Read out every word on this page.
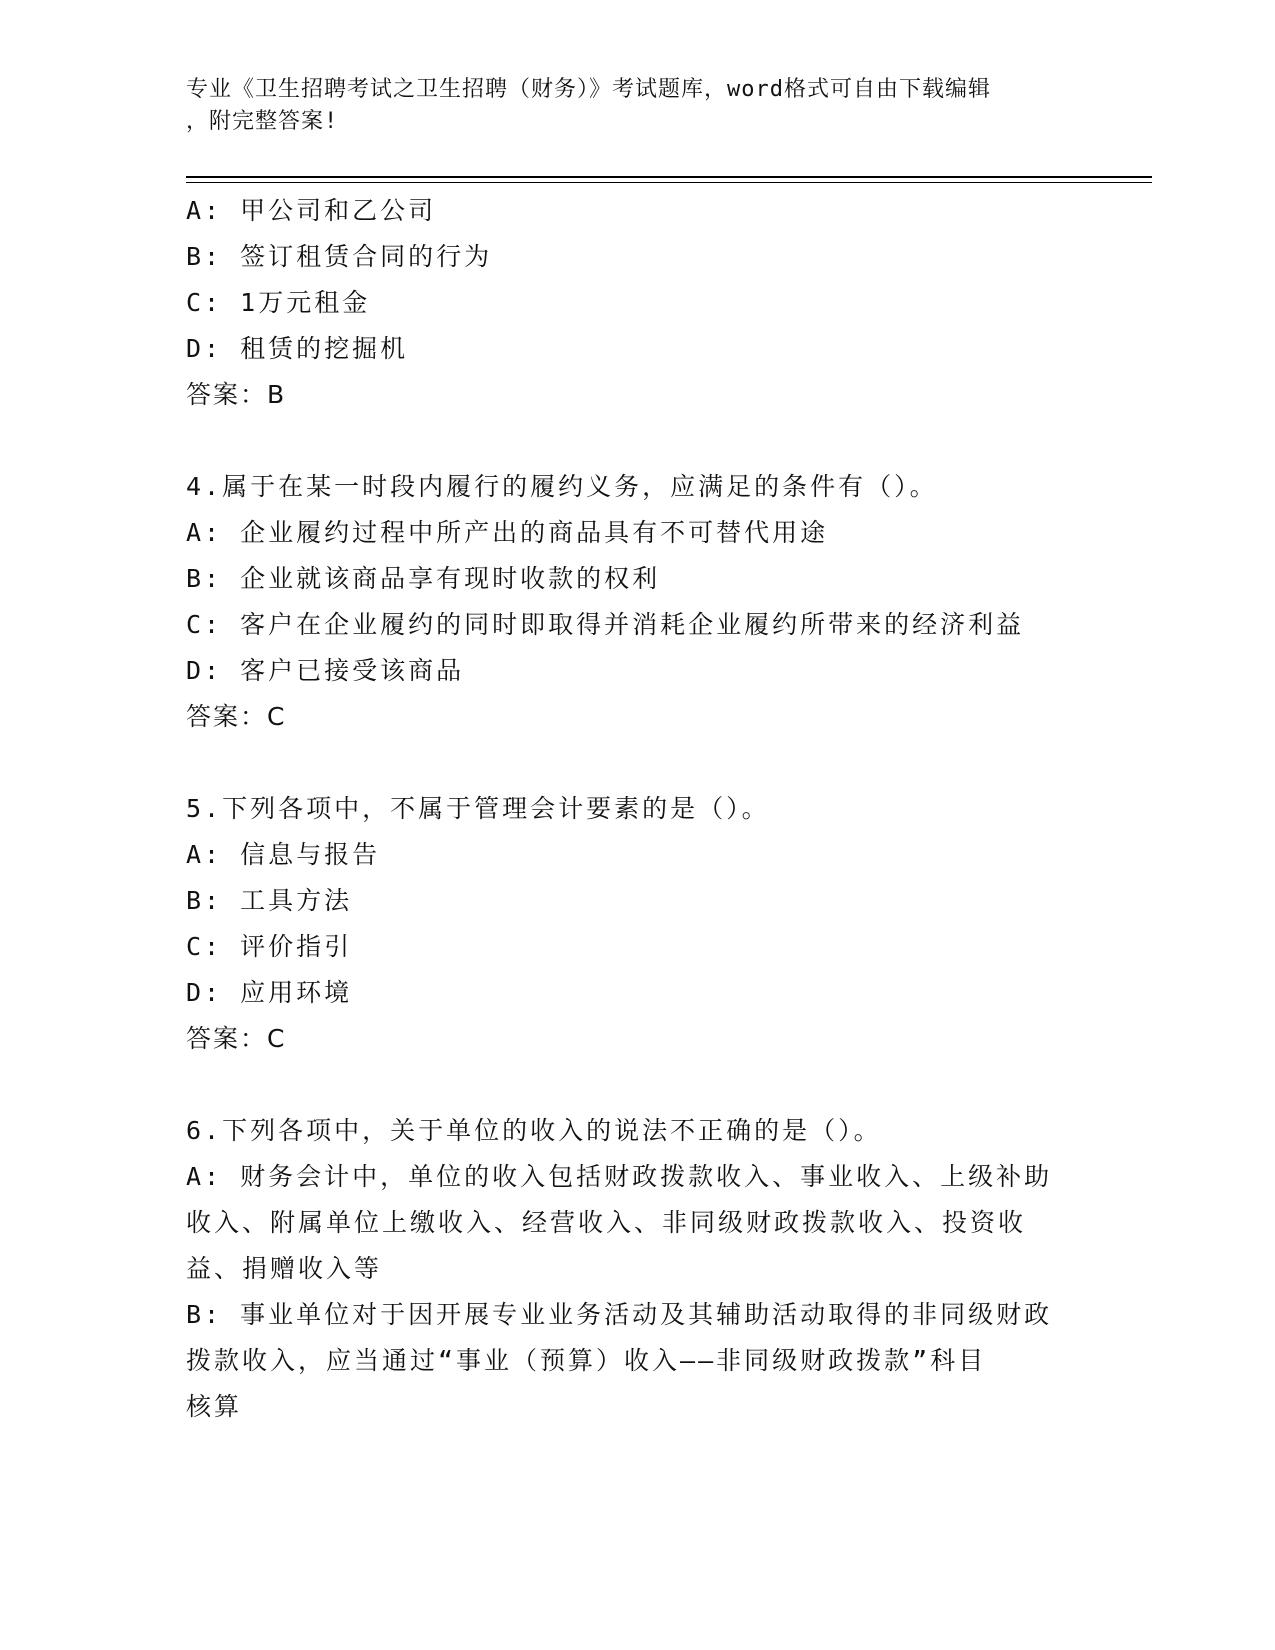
专业《卫生招聘考试之卫生招聘（财务）》考试题库，word格式可自由下载编辑
，附完整答案!
A: 甲公司和乙公司
B: 签订租赁合同的行为
C: 1万元租金
D: 租赁的挖掘机
答案：B
4.属于在某一时段内履行的履约义务，应满足的条件有（）。
A: 企业履约过程中所产出的商品具有不可替代用途
B: 企业就该商品享有现时收款的权利
C: 客户在企业履约的同时即取得并消耗企业履约所带来的经济利益
D: 客户已接受该商品
答案：C
5.下列各项中，不属于管理会计要素的是（）。
A: 信息与报告
B: 工具方法
C: 评价指引
D: 应用环境
答案：C
6.下列各项中，关于单位的收入的说法不正确的是（）。
A: 财务会计中，单位的收入包括财政拨款收入、事业收入、上级补助
收入、附属单位上缴收入、经营收入、非同级财政拨款收入、投资收
益、捐赠收入等
B: 事业单位对于因开展专业业务活动及其辅助活动取得的非同级财政
拨款收入，应当通过“事业（预算）收入——非同级财政拨款”科目
核算
